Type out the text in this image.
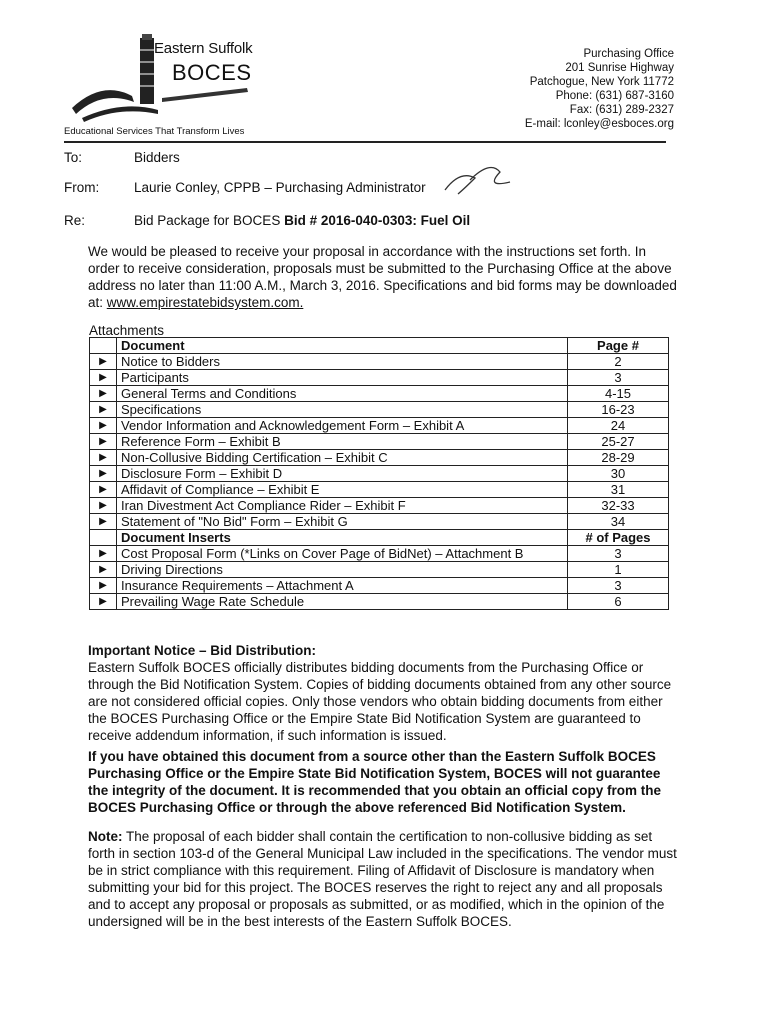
Eastern Suffolk
BOCES
Educational Services That Transform Lives
Purchasing Office
201 Sunrise Highway
Patchogue, New York 11772
Phone: (631) 687-3160
Fax: (631) 289-2327
E-mail: lconley@esboces.org
To:	Bidders
From:	Laurie Conley, CPPB – Purchasing Administrator
Re:	Bid Package for BOCES Bid # 2016-040-0303: Fuel Oil
We would be pleased to receive your proposal in accordance with the instructions set forth. In order to receive consideration, proposals must be submitted to the Purchasing Office at the above address no later than 11:00 A.M., March 3, 2016. Specifications and bid forms may be downloaded at: www.empirestatebidsystem.com.
Attachments
	Document	Page #
▶	Notice to Bidders	2
▶	Participants	3
▶	General Terms and Conditions	4-15
▶	Specifications	16-23
▶	Vendor Information and Acknowledgement Form – Exhibit A	24
▶	Reference Form – Exhibit B	25-27
▶	Non-Collusive Bidding Certification – Exhibit C	28-29
▶	Disclosure Form – Exhibit D	30
▶	Affidavit of Compliance – Exhibit E	31
▶	Iran Divestment Act Compliance Rider – Exhibit F	32-33
▶	Statement of "No Bid" Form – Exhibit G	34
	Document Inserts	# of Pages
▶	Cost Proposal Form (*Links on Cover Page of BidNet) – Attachment B	3
▶	Driving Directions	1
▶	Insurance Requirements – Attachment A	3
▶	Prevailing Wage Rate Schedule	6
Important Notice – Bid Distribution:
Eastern Suffolk BOCES officially distributes bidding documents from the Purchasing Office or through the Bid Notification System. Copies of bidding documents obtained from any other source are not considered official copies. Only those vendors who obtain bidding documents from either the BOCES Purchasing Office or the Empire State Bid Notification System are guaranteed to receive addendum information, if such information is issued.
If you have obtained this document from a source other than the Eastern Suffolk BOCES Purchasing Office or the Empire State Bid Notification System, BOCES will not guarantee the integrity of the document. It is recommended that you obtain an official copy from the BOCES Purchasing Office or through the above referenced Bid Notification System.
Note: The proposal of each bidder shall contain the certification to non-collusive bidding as set forth in section 103-d of the General Municipal Law included in the specifications. The vendor must be in strict compliance with this requirement. Filing of Affidavit of Disclosure is mandatory when submitting your bid for this project. The BOCES reserves the right to reject any and all proposals and to accept any proposal or proposals as submitted, or as modified, which in the opinion of the undersigned will be in the best interests of the Eastern Suffolk BOCES.
